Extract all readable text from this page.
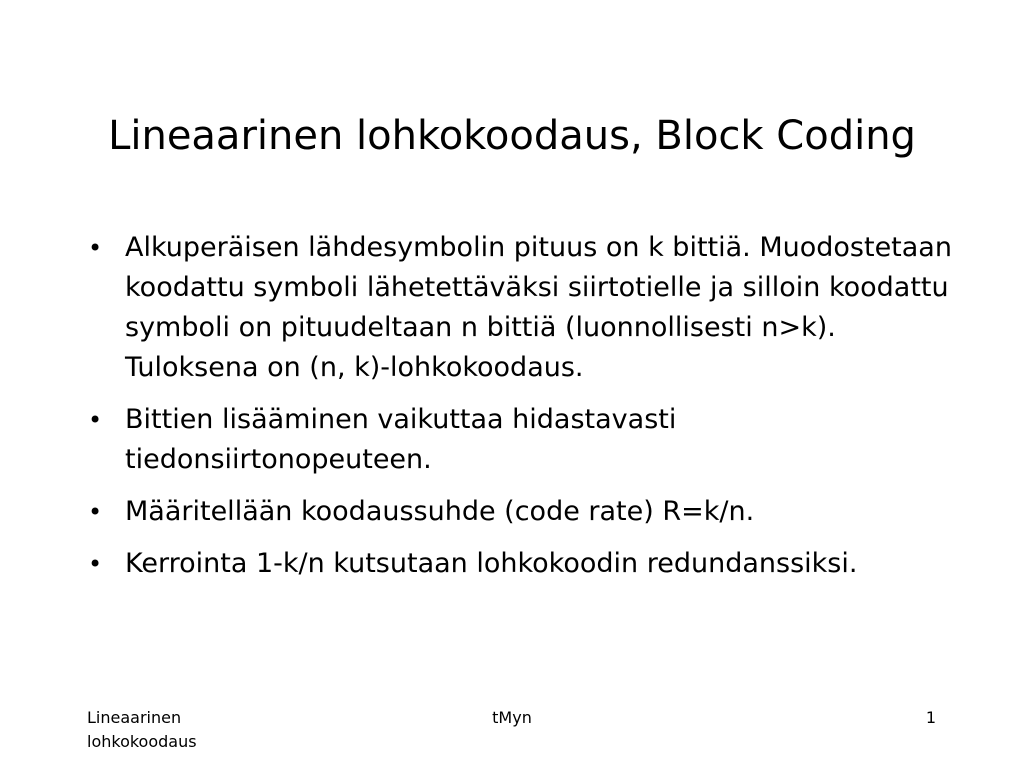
Lineaarinen lohkokoodaus, Block Coding
• Alkuperäisen lähdesymbolin pituus on k bittiä. Muodostetaan koodattu symboli lähetettäväksi siirtotielle ja silloin koodattu symboli on pituudeltaan n bittiä (luonnollisesti n>k). Tuloksena on (n, k)-lohkokoodaus.
• Bittien lisääminen vaikuttaa hidastavasti tiedonsiirtonopeuteen.
• Määritellään koodaussuhde (code rate) R=k/n.
• Kerrointa 1-k/n kutsutaan lohkokoodin redundanssiksi.
Lineaarinen lohkokoodaus
tMyn	1
